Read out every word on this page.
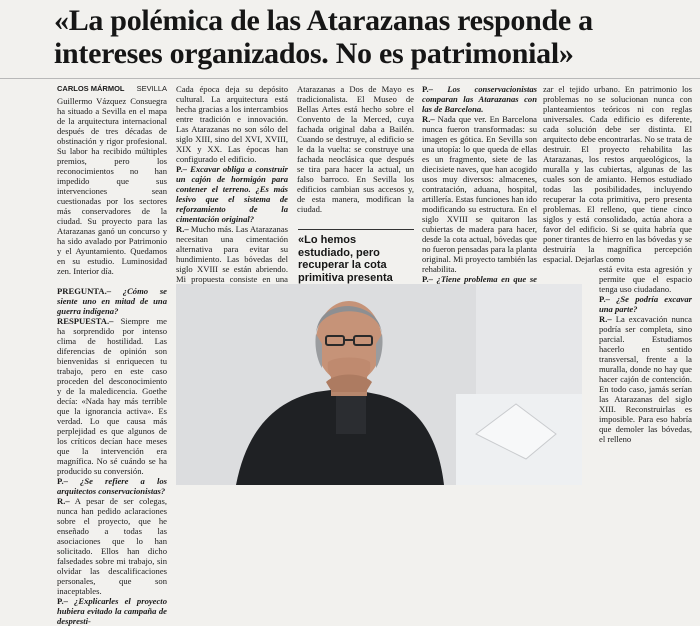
«La polémica de las Atarazanas responde a intereses organizados. No es patrimonial»
CARLOS MÁRMOL SEVILLA

Guillermo Vázquez Consuegra ha situado a Sevilla en el mapa de la arquitectura internacional después de tres décadas de obstinación y rigor profesional. Su labor ha recibido múltiples premios, pero los reconocimientos no han impedido que sus intervenciones sean cuestionadas por los sectores más conservadores de la ciudad. Su proyecto para las Atarazanas ganó un concurso y ha sido avalado por Patrimonio y el Ayuntamiento. Quedamos en su estudio. Luminosidad zen. Interior día.

PREGUNTA.– ¿Cómo se siente uno en mitad de una guerra indígena?

RESPUESTA.– Siempre me ha sorprendido por intenso clima de hostilidad. Las diferencias de opinión son bienvenidas si enriquecen tu trabajo, pero en este caso proceden del desconocimiento y de la maledicencia. Goethe decía: «Nada hay más terrible que la ignorancia activa». Es verdad. Lo que causa más perplejidad es que algunos de los críticos decían hace meses que la intervención era magnífica. No sé cuándo se ha producido su conversión.

P.– ¿Se refiere a los arquitectos conservacionistas?

R.– A pesar de ser colegas, nunca han pedido aclaraciones sobre el proyecto, que he enseñado a todas las asociaciones que lo han solicitado. Ellos han dicho falsedades sobre mi trabajo, sin olvidar las descalificaciones personales, que son inaceptables.

P.– ¿Explicarles el proyecto hubiera evitado la campaña de despresti-

Cada época deja su depósito cultural. La arquitectura está hecha gracias a los intercambios entre tradición e innovación. Las Atarazanas no son sólo del siglo XIII, sino del XVI, XVIII, XIX y XX. Las épocas han configurado el edificio.

P.– Excavar obliga a construir un cajón de hormigón para contener el terreno. ¿Es más lesivo que el sistema de reforzamiento de la cimentación original?

R.– Mucho más. Las Atarazanas necesitan una cimentación alternativa para evitar su hundimiento. Las bóvedas del siglo XVIII se están abriendo. Mi propuesta consiste en una

Atarazanas a Dos de Mayo es tradicionalista. El Museo de Bellas Artes está hecho sobre el Convento de la Merced, cuya fachada original daba a Bailén. Cuando se destruye, al edificio se le da la vuelta: se construye una fachada neoclásica que después se tira para hacer la actual, un falso barroco. En Sevilla los edificios cambian sus accesos y, de esta manera, modifican la ciudad.

«Lo hemos estudiado, pero recuperar la cota primitiva presenta

P.– Los conservacionistas comparan las Atarazanas con las de Barcelona.

R.– Nada que ver. En Barcelona nunca fueron transformadas: su imagen es gótica. En Sevilla son una utopía: lo que queda de ellas es un fragmento, siete de las diecisiete naves, que han acogido usos muy diversos: almacenes, contratación, aduana, hospital, artillería. Estas funciones han ido modificando su estructura. En el siglo XVIII se quitaron las cubiertas de madera para hacer, desde la cota actual, bóvedas que no fueron pensadas para la planta original. Mi proyecto también las rehabilita.

P.– ¿Tiene problema en que se

zar el tejido urbano. En patrimonio los problemas no se solucionan nunca con planteamientos teóricos ni con reglas universales. Cada edificio es diferente, cada solución debe ser distinta. El arquitecto debe encontrarlas. No se trata de destruir. El proyecto rehabilita las Atarazanas, los restos arqueológicos, la muralla y las cubiertas, algunas de las cuales son de amianto. Hemos estudiado todas las posibilidades, incluyendo recuperar la cota primitiva, pero presenta problemas. El relleno, que tiene cinco siglos y está consolidado, actúa ahora a favor del edificio. Si se quita habría que poner tirantes de hierro en las bóvedas y se destruiría la magnífica percepción espacial. Dejarlas como

está evita esta agresión y permite que el espacio tenga uso ciudadano.

P.– ¿Se podría excavar una parte?

R.– La excavación nunca podría ser completa, sino parcial. Estudiamos hacerlo en sentido transversal, frente a la muralla, donde no hay que hacer cajón de contención. En todo caso, jamás serían las Atarazanas del siglo XIII. Reconstruirlas es imposible. Para eso habría que demoler las bóvedas, el relleno
